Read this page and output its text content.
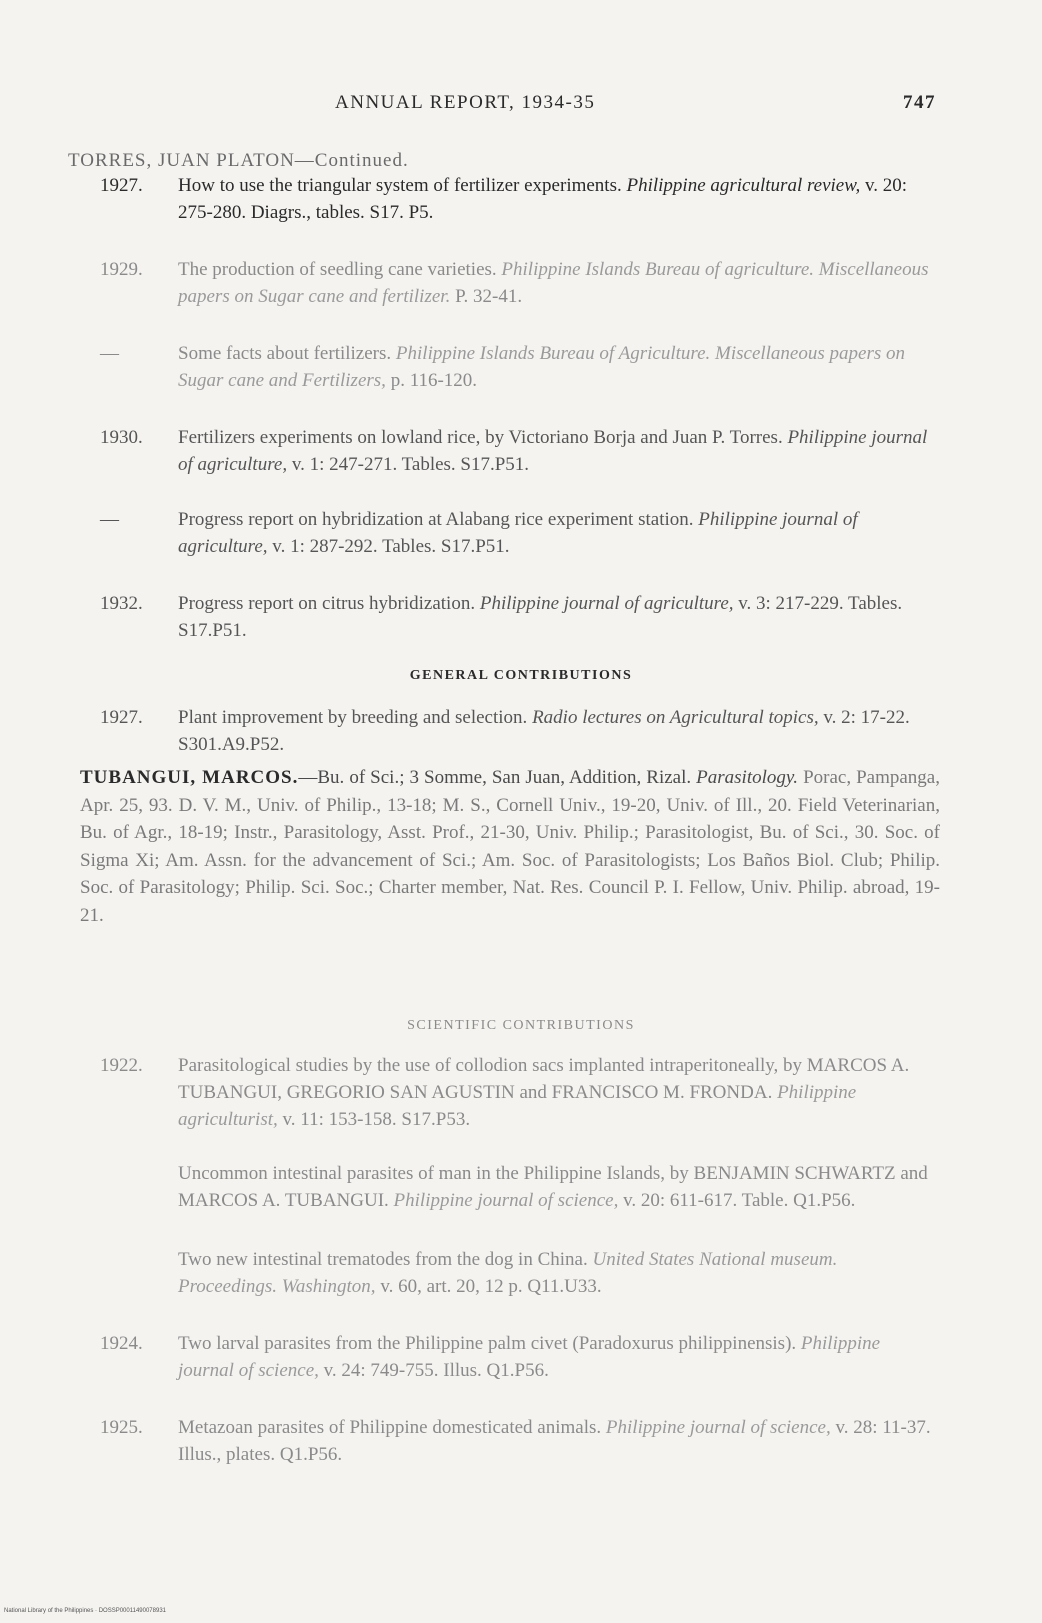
ANNUAL REPORT, 1934-35	747
TORRES, JUAN PLATON—Continued.
1927.	How to use the triangular system of fertilizer experiments. Philippine agricultural review, v. 20: 275-280. Diagrs., tables. S17. P5.
1929.	The production of seedling cane varieties. Philippine Islands Bureau of agriculture. Miscellaneous papers on Sugar cane and fertilizer. P. 32-41.
—	Some facts about fertilizers. Philippine Islands Bureau of Agriculture. Miscellaneous papers on Sugar cane and Fertilizers, p. 116-120.
1930.	Fertilizers experiments on lowland rice, by Victoriano Borja and Juan P. Torres. Philippine journal of agriculture, v. 1: 247-271. Tables. S17.P51.
—	Progress report on hybridization at Alabang rice experiment station. Philippine journal of agriculture, v. 1: 287-292. Tables. S17.P51.
1932.	Progress report on citrus hybridization. Philippine journal of agriculture, v. 3: 217-229. Tables. S17.P51.
GENERAL CONTRIBUTIONS
1927.	Plant improvement by breeding and selection. Radio lectures on Agricultural topics, v. 2: 17-22. S301.A9.P52.
TUBANGUI, MARCOS.—Bu. of Sci.; 3 Somme, San Juan, Addition, Rizal. Parasitology. Porac, Pampanga, Apr. 25, 93. D. V. M., Univ. of Philip., 13-18; M. S., Cornell Univ., 19-20, Univ. of Ill., 20. Field Veterinarian, Bu. of Agr., 18-19; Instr., Parasitology, Asst. Prof., 21-30, Univ. Philip.; Parasitologist, Bu. of Sci., 30. Soc. of Sigma Xi; Am. Assn. for the advancement of Sci.; Am. Soc. of Parasitologists; Los Baños Biol. Club; Philip. Soc. of Parasitology; Philip. Sci. Soc.; Charter member, Nat. Res. Council P. I. Fellow, Univ. Philip. abroad, 19-21.
SCIENTIFIC CONTRIBUTIONS
1922.	Parasitological studies by the use of collodion sacs implanted intraperitoneally, by MARCOS A. TUBANGUI, GREGORIO SAN AGUSTIN and FRANCISCO M. FRONDA. Philippine agriculturist, v. 11: 153-158. S17.P53.
Uncommon intestinal parasites of man in the Philippine Islands, by BENJAMIN SCHWARTZ and MARCOS A. TUBANGUI. Philippine journal of science, v. 20: 611-617. Table. Q1.P56.
Two new intestinal trematodes from the dog in China. United States National museum. Proceedings. Washington, v. 60, art. 20, 12 p. Q11.U33.
1924.	Two larval parasites from the Philippine palm civet (Paradoxurus philippinensis). Philippine journal of science, v. 24: 749-755. Illus. Q1.P56.
1925.	Metazoan parasites of Philippine domesticated animals. Philippine journal of science, v. 28: 11-37. Illus., plates. Q1.P56.
National Library of the Philippines · DOSSP00011490078931
